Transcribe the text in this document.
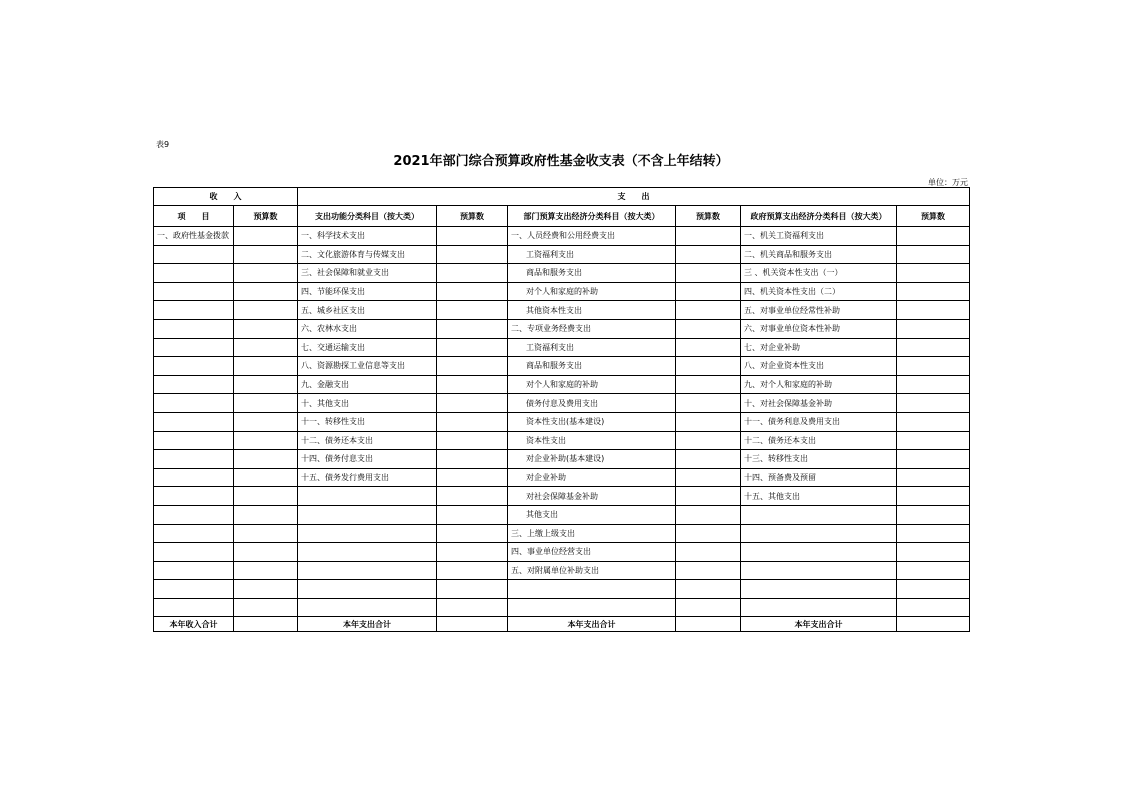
表9
2021年部门综合预算政府性基金收支表（不含上年结转）
单位：万元
收　　入		支　　出					
项　　目	预算数	支出功能分类科目（按大类）	预算数	部门预算支出经济分类科目（按大类）	预算数	政府预算支出经济分类科目（按大类）	预算数
一、政府性基金拨款		一、科学技术支出		一、人员经费和公用经费支出		一、机关工资福利支出	
		二、文化旅游体育与传媒支出		工资福利支出		二、机关商品和服务支出	
		三、社会保障和就业支出		商品和服务支出		三 、机关资本性支出（一）	
		四、节能环保支出		对个人和家庭的补助		四、机关资本性支出（二）	
		五、城乡社区支出		其他资本性支出		五、对事业单位经常性补助	
		六、农林水支出		二、专项业务经费支出		六、对事业单位资本性补助	
		七、交通运输支出		工资福利支出		七、对企业补助	
		八、资源勘探工业信息等支出		商品和服务支出		八、对企业资本性支出	
		九、金融支出		对个人和家庭的补助		九、对个人和家庭的补助	
		十、其他支出		债务付息及费用支出		十、对社会保障基金补助	
		十一、转移性支出		资本性支出(基本建设)		十一、债务利息及费用支出	
		十二、债务还本支出		资本性支出		十二、债务还本支出	
		十四、债务付息支出		对企业补助(基本建设)		十三、转移性支出	
		十五、债务发行费用支出		对企业补助		十四、预备费及预留	
				对社会保障基金补助		十五、其他支出	
				其他支出			
				三、上缴上级支出			
				四、事业单位经营支出			
				五、对附属单位补助支出			

本年收入合计		本年支出合计		本年支出合计		本年支出合计	
